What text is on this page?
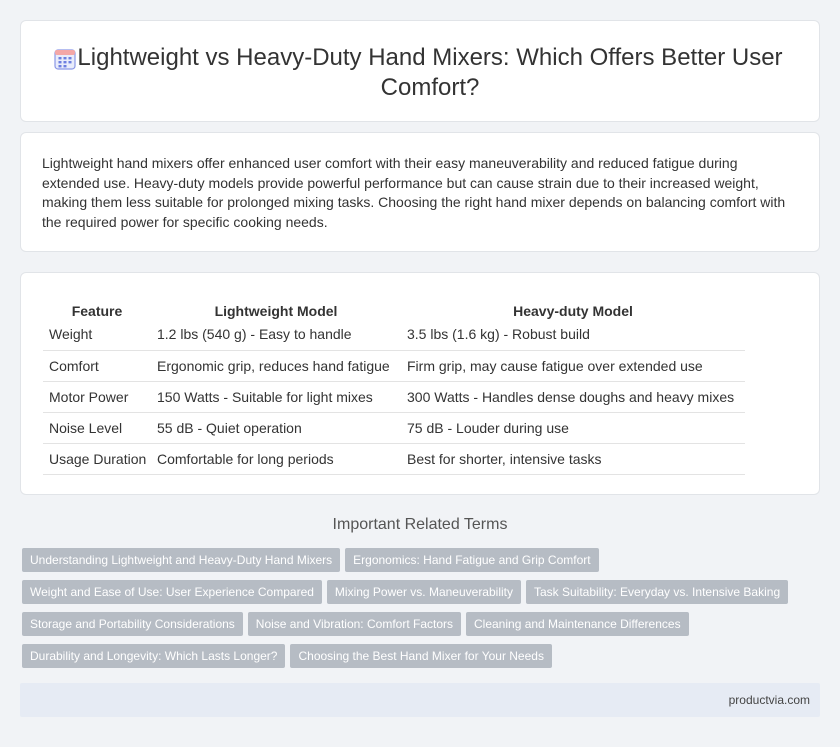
Lightweight vs Heavy-Duty Hand Mixers: Which Offers Better User Comfort?

Lightweight hand mixers offer enhanced user comfort with their easy maneuverability and reduced fatigue during extended use. Heavy-duty models provide powerful performance but can cause strain due to their increased weight, making them less suitable for prolonged mixing tasks. Choosing the right hand mixer depends on balancing comfort with the required power for specific cooking needs.

Feature	Lightweight Model	Heavy-duty Model
Weight	1.2 lbs (540 g) - Easy to handle	3.5 lbs (1.6 kg) - Robust build
Comfort	Ergonomic grip, reduces hand fatigue	Firm grip, may cause fatigue over extended use
Motor Power	150 Watts - Suitable for light mixes	300 Watts - Handles dense doughs and heavy mixes
Noise Level	55 dB - Quiet operation	75 dB - Louder during use
Usage Duration	Comfortable for long periods	Best for shorter, intensive tasks
Important Related Terms
Understanding Lightweight and Heavy-Duty Hand Mixers Ergonomics: Hand Fatigue and Grip Comfort
Weight and Ease of Use: User Experience Compared Mixing Power vs. Maneuverability Task Suitability: Everyday vs. Intensive Baking
Storage and Portability Considerations Noise and Vibration: Comfort Factors Cleaning and Maintenance Differences
Durability and Longevity: Which Lasts Longer? Choosing the Best Hand Mixer for Your Needs
productvia.com
